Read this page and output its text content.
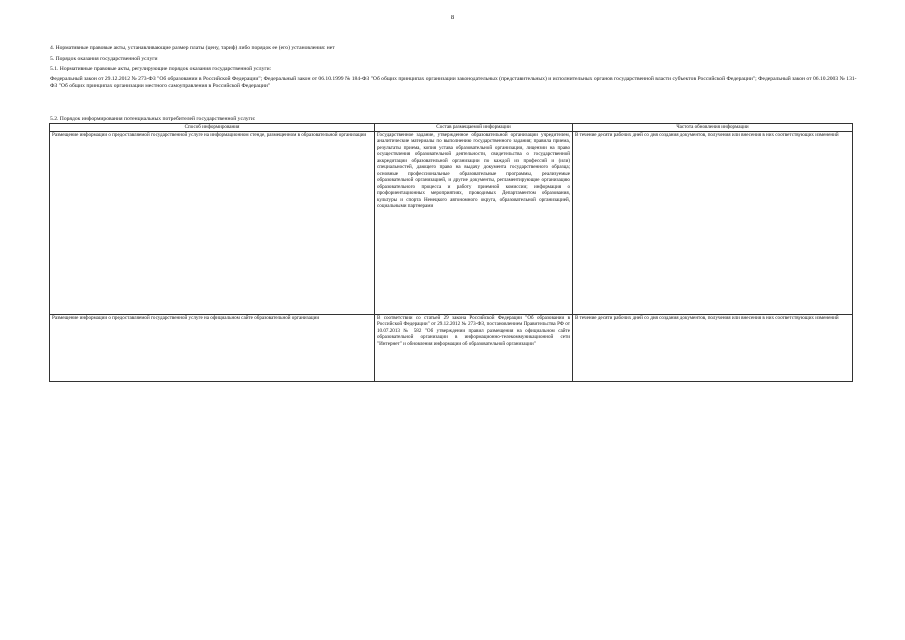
8
4. Нормативные правовые акты, устанавливающие размер платы (цену, тариф) либо порядок ее (его) установления: нет
5. Порядок оказания государственной услуги
5.1. Нормативные правовые акты, регулирующие порядок оказания государственной услуги:
Федеральный закон от 29.12.2012 № 273-ФЗ "Об образовании в Российской Федерации"; Федеральный закон от 06.10.1999 № 184-ФЗ "Об общих принципах организации законодательных (представительных) и исполнительных органов государственной власти субъектов Российской Федерации"; Федеральный закон от 06.10.2003 № 131-ФЗ "Об общих принципах организации местного самоуправления в Российской Федерации"
5.2. Порядок информирования потенциальных потребителей государственной услуги:
Способ информирования	Состав размещаемой информации	Частота обновления информации
Размещение информации о предоставляемой государственной услуге на информационном стенде, размещенном в образовательной организации	Государственное задание, утвержденное образовательной организации учредителем, аналитические материалы по выполнению государственного задания; правила приема, результаты приема, копия устава образовательной организации, лицензии на право осуществления образовательной деятельности, свидетельства о государственной аккредитации образовательной организации по каждой из профессий и (или) специальностей, дающего право на выдачу документа государственного образца; основные профессиональные образовательные программы, реализуемые образовательной организацией, и другие документы, регламентирующие организацию образовательного процесса и работу приемной комиссии; информация о профориентационных мероприятиях, проводимых Департаментом образования, культуры и спорта Ненецкого автономного округа, образовательной организацией, социальными партнерами	В течение десяти рабочих дней со дня создания документов, получения или внесения в них соответствующих изменений
Размещение информации о предоставляемой государственной услуге на официальном сайте образовательной организации	В соответствии со статьей 29 закона Российской Федерации "Об образовании в Российской Федерации" от 29.12.2012 № 273-ФЗ, постановлением Правительства РФ от 10.07.2013 № 582 "Об утверждении правил размещения на официальном сайте образовательной организации в информационно-телекоммуникационной сети "Интернет" и обновления информации об образовательной организации"	В течение десяти рабочих дней со дня создания документов, получения или внесения в них соответствующих изменений
